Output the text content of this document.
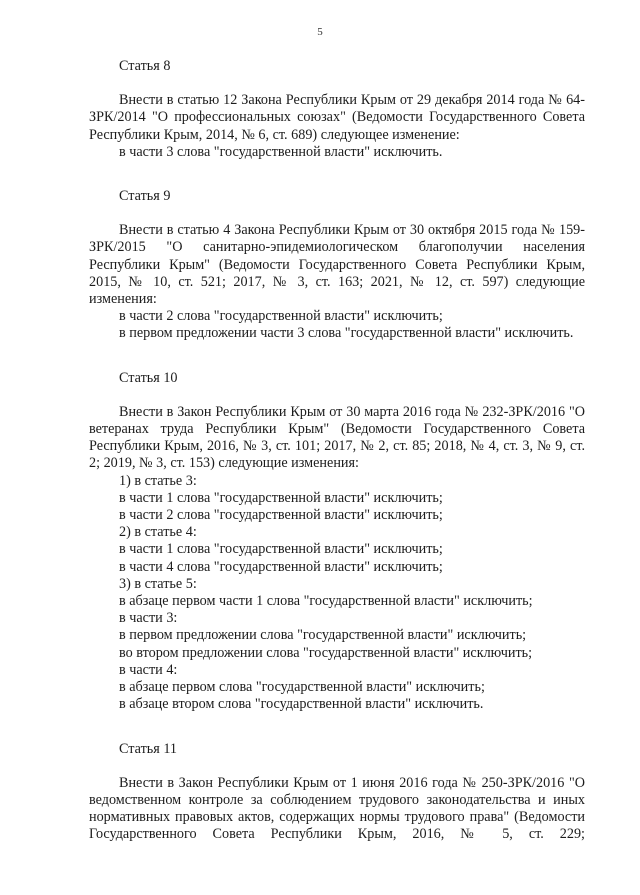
5

Статья 8

Внести в статью 12 Закона Республики Крым от 29 декабря 2014 года № 64-ЗРК/2014 "О профессиональных союзах" (Ведомости Государственного Совета Республики Крым, 2014, № 6, ст. 689) следующее изменение:

в части 3 слова "государственной власти" исключить.

Статья 9

Внести в статью 4 Закона Республики Крым от 30 октября 2015 года № 159-ЗРК/2015 "О санитарно-эпидемиологическом благополучии населения Республики Крым" (Ведомости Государственного Совета Республики Крым, 2015, № 10, ст. 521; 2017, № 3, ст. 163; 2021, № 12, ст. 597) следующие изменения:

в части 2 слова "государственной власти" исключить;

в первом предложении части 3 слова "государственной власти" исключить.

Статья 10

Внести в Закон Республики Крым от 30 марта 2016 года № 232-ЗРК/2016 "О ветеранах труда Республики Крым" (Ведомости Государственного Совета Республики Крым, 2016, № 3, ст. 101; 2017, № 2, ст. 85; 2018, № 4, ст. 3, № 9, ст. 2; 2019, № 3, ст. 153) следующие изменения:

1) в статье 3:

в части 1 слова "государственной власти" исключить;

в части 2 слова "государственной власти" исключить;

2) в статье 4:

в части 1 слова "государственной власти" исключить;

в части 4 слова "государственной власти" исключить;

3) в статье 5:

в абзаце первом части 1 слова "государственной власти" исключить;

в части 3:

в первом предложении слова "государственной власти" исключить;

во втором предложении слова "государственной власти" исключить;

в части 4:

в абзаце первом слова "государственной власти" исключить;

в абзаце втором слова "государственной власти" исключить.

Статья 11

Внести в Закон Республики Крым от 1 июня 2016 года № 250-ЗРК/2016 "О ведомственном контроле за соблюдением трудового законодательства и иных нормативных правовых актов, содержащих нормы трудового права" (Ведомости Государственного Совета Республики Крым, 2016, № 5, ст. 229;
